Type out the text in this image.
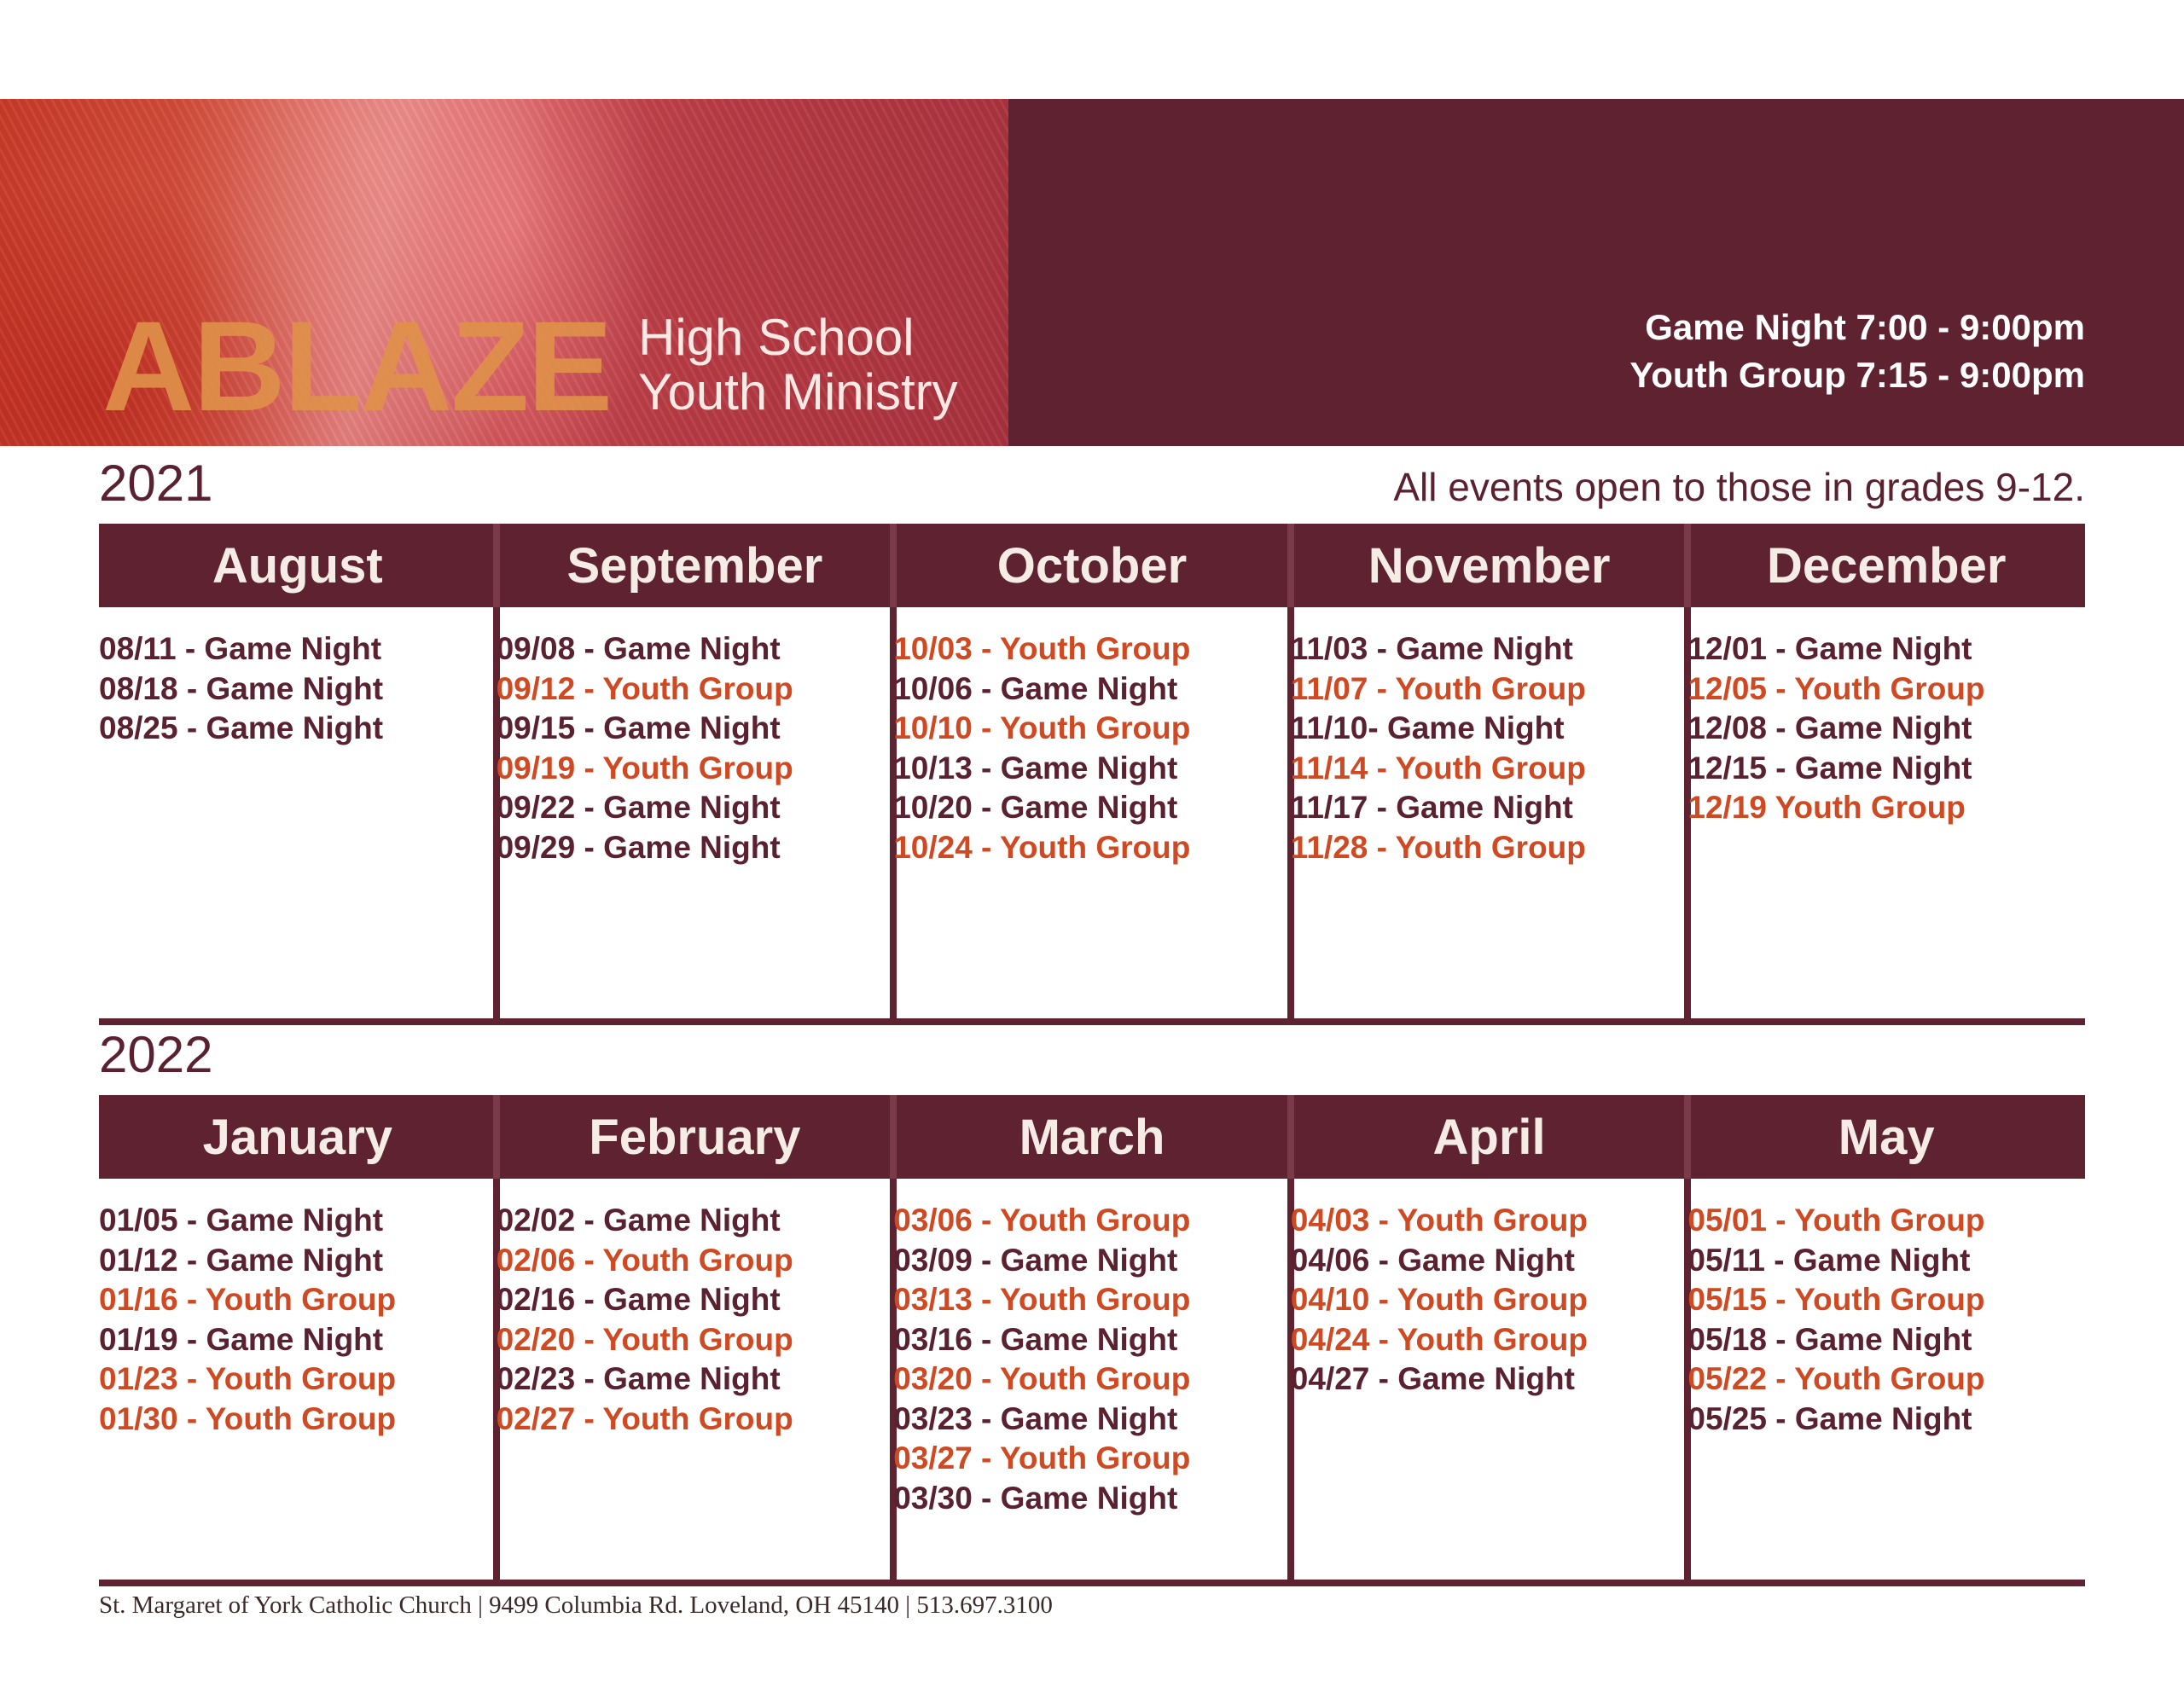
ABLAZE High School
Youth Ministry
Game Night 7:00 - 9:00pm
Youth Group 7:15 - 9:00pm
2021	All events open to those in grades 9-12.
August
08/11 - Game Night
08/18 - Game Night
08/25 - Game Night
September
09/08 - Game Night
09/12 - Youth Group
09/15 - Game Night
09/19 - Youth Group
09/22 - Game Night
09/29 - Game Night
October
10/03 - Youth Group
10/06 - Game Night
10/10 - Youth Group
10/13 - Game Night
10/20 - Game Night
10/24 - Youth Group
November
11/03 - Game Night
11/07 - Youth Group
11/10- Game Night
11/14 - Youth Group
11/17 - Game Night
11/28 - Youth Group
December
12/01 - Game Night
12/05 - Youth Group
12/08 - Game Night
12/15 - Game Night
12/19 Youth Group
2022
January
01/05 - Game Night
01/12 - Game Night
01/16 - Youth Group
01/19 - Game Night
01/23 - Youth Group
01/30 - Youth Group
February
02/02 - Game Night
02/06 - Youth Group
02/16 - Game Night
02/20 - Youth Group
02/23 - Game Night
02/27 - Youth Group
March
03/06 - Youth Group
03/09 - Game Night
03/13 - Youth Group
03/16 - Game Night
03/20 - Youth Group
03/23 - Game Night
03/27 - Youth Group
03/30 - Game Night
April
04/03 - Youth Group
04/06 - Game Night
04/10 - Youth Group
04/24 - Youth Group
04/27 - Game Night
May
05/01 - Youth Group
05/11 - Game Night
05/15 - Youth Group
05/18 - Game Night
05/22 - Youth Group
05/25 - Game Night
St. Margaret of York Catholic Church | 9499 Columbia Rd. Loveland, OH 45140 | 513.697.3100
